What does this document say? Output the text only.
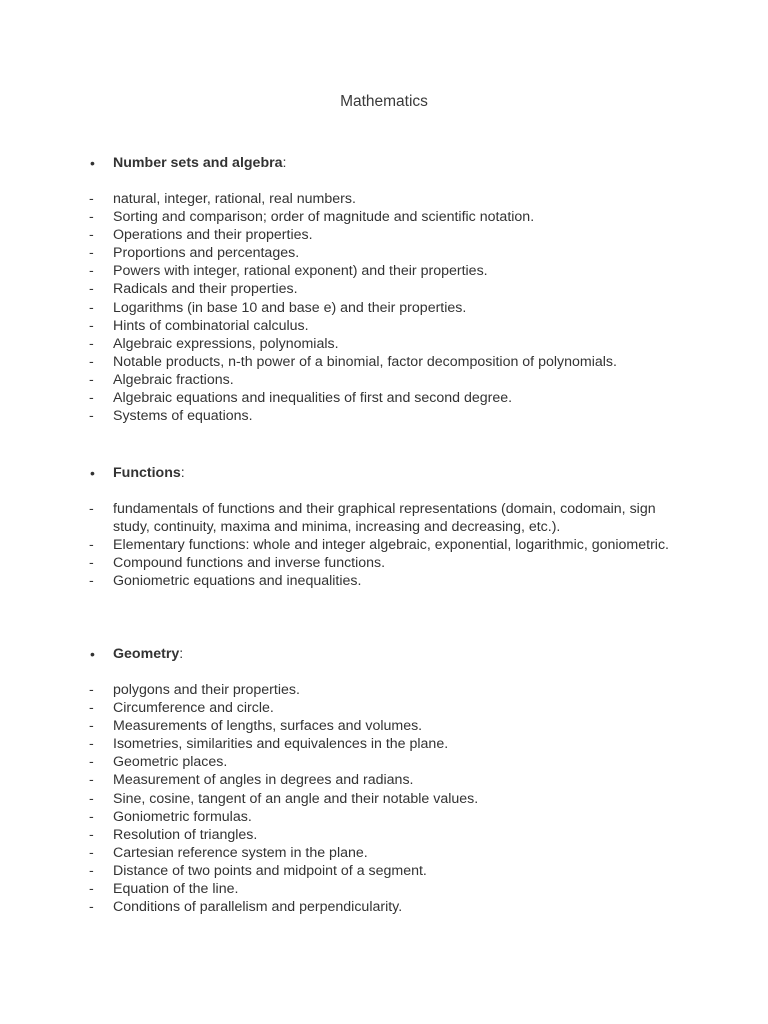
Mathematics
• Number sets and algebra:
- natural, integer, rational, real numbers.
- Sorting and comparison; order of magnitude and scientific notation.
- Operations and their properties.
- Proportions and percentages.
- Powers with integer, rational exponent) and their properties.
- Radicals and their properties.
- Logarithms (in base 10 and base e) and their properties.
- Hints of combinatorial calculus.
- Algebraic expressions, polynomials.
- Notable products, n-th power of a binomial, factor decomposition of polynomials.
- Algebraic fractions.
- Algebraic equations and inequalities of first and second degree.
- Systems of equations.
• Functions:
- fundamentals of functions and their graphical representations (domain, codomain, sign study, continuity, maxima and minima, increasing and decreasing, etc.).
- Elementary functions: whole and integer algebraic, exponential, logarithmic, goniometric.
- Compound functions and inverse functions.
- Goniometric equations and inequalities.
• Geometry:
- polygons and their properties.
- Circumference and circle.
- Measurements of lengths, surfaces and volumes.
- Isometries, similarities and equivalences in the plane.
- Geometric places.
- Measurement of angles in degrees and radians.
- Sine, cosine, tangent of an angle and their notable values.
- Goniometric formulas.
- Resolution of triangles.
- Cartesian reference system in the plane.
- Distance of two points and midpoint of a segment.
- Equation of the line.
- Conditions of parallelism and perpendicularity.
